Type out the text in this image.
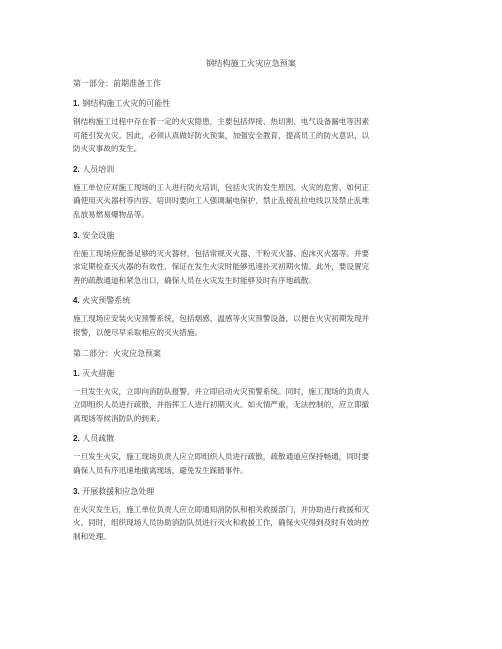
钢结构施工火灾应急预案
第一部分：前期准备工作
1. 钢结构施工火灾的可能性
钢结构施工过程中存在着一定的火灾隐患，主要包括焊接、热切割、电气设备漏电等因素
可能引发火灾。因此，必须认真做好防火预案，加强安全教育，提高员工的防火意识，以
防火灾事故的发生。
2. 人员培训
施工单位应对施工现场的工人进行防火培训，包括火灾的发生原因、火灾的危害、如何正
确使用灭火器材等内容。培训时要向工人强调漏电保护、禁止乱接乱拉电线以及禁止乱堆
乱放易燃易爆物品等。
3. 安全设施
在施工现场应配备足够的灭火器材，包括常规灭火器、干粉灭火器、泡沫灭火器等。并要
求定期检查灭火器的有效性，保证在发生火灾时能够迅速扑灭初期火情。此外，要设置完
善的疏散通道和紧急出口，确保人员在火灾发生时能够及时有序地疏散。
4. 火灾预警系统
施工现场应安装火灾预警系统，包括烟感、温感等火灾预警设备，以便在火灾初期发现并
报警，以便尽早采取相应的灭火措施。
第二部分：火灾应急预案
1. 灭火措施
一旦发生火灾，立即向消防队报警，并立即启动火灾预警系统。同时，施工现场的负责人
立即组织人员进行疏散，并指挥工人进行初期灭火。如火情严重，无法控制的，应立即撤
离现场等候消防队的到来。
2. 人员疏散
一旦发生火灾，施工现场负责人应立即组织人员进行疏散，疏散通道应保持畅通，同时要
确保人员有序迅速地撤离现场，避免发生踩踏事件。
3. 开展救援和应急处理
在火灾发生后，施工单位负责人应立即通知消防队和相关救援部门，并协助进行救援和灭
火。同时，组织现场人员协助消防队员进行灭火和救援工作，确保火灾得到及时有效的控
制和处理。
